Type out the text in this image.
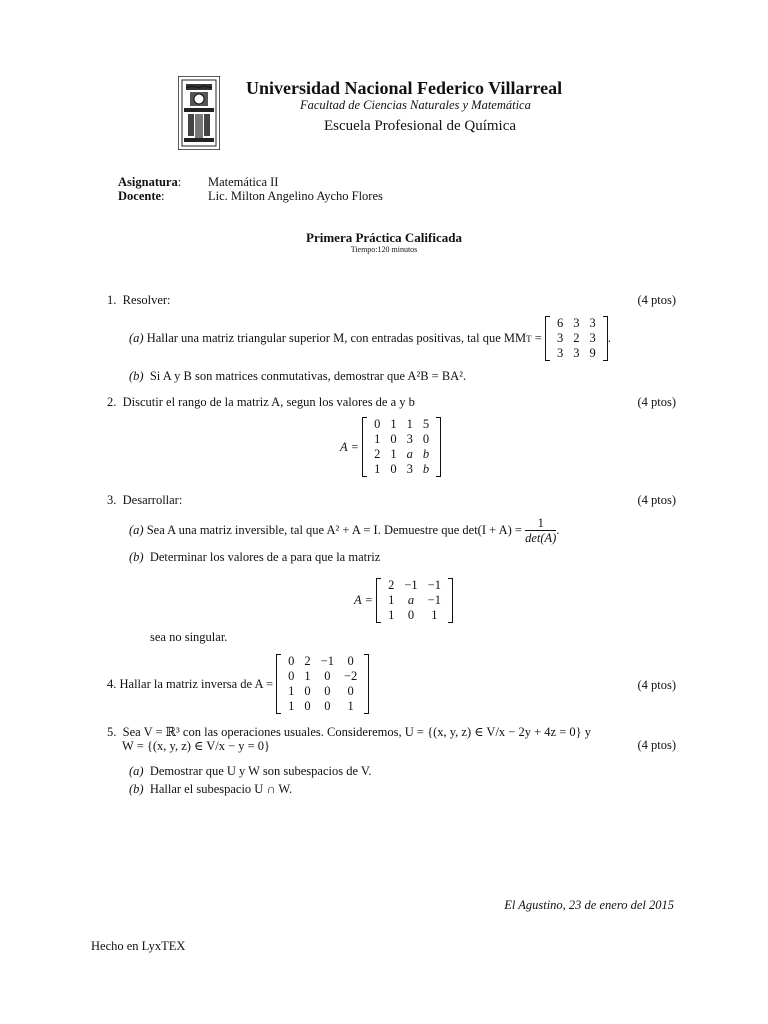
Universidad Nacional Federico Villarreal
Facultad de Ciencias Naturales y Matemática
Escuela Profesional de Química
Asignatura: Matemática II
Docente:	Lic. Milton Angelino Aycho Flores
Primera Práctica Calificada
Tiempo:120 minutos
1. Resolver:	(4 ptos)
(a)
Hallar una matriz triangular superior M, con entradas positivas, tal que MM T
=

6	3	3
3	2	3
3	3	9
.
(b) Si A y B son matrices conmutativas, demostrar que A²B = BA².
2. Discutir el rango de la matriz A, segun los valores de a y b	(4 ptos)
A =

0	1	1	5
1	0	3	0
2	1	a	b
1	0	3	b
3. Desarrollar:	(4 ptos)
(a)
Sea A una matriz inversible, tal que A² + A = I. Demuestre que det(I + A) =
$\frac{1}{\det(A)}$ .
(b) Determinar los valores de a para que la matriz
A =

2	−1	−1
1	a	−1
1	0	1
sea no singular.
4.
Hallar la matriz inversa de A =

0	2	−1	0
0	1	0	−2
1	0	0	0
1	0	0	1
(4 ptos)
5. Sea V = ℝ³ con las operaciones usuales. Consideremos, U = {(x, y, z) ∈ V/x − 2y + 4z = 0} y
W = {(x, y, z) ∈ V/x − y = 0}	(4 ptos)
(a) Demostrar que U y W son subespacios de V.
(b) Hallar el subespacio U ∩ W.
El Agustino, 23 de enero del 2015
Hecho en LyxTEX
